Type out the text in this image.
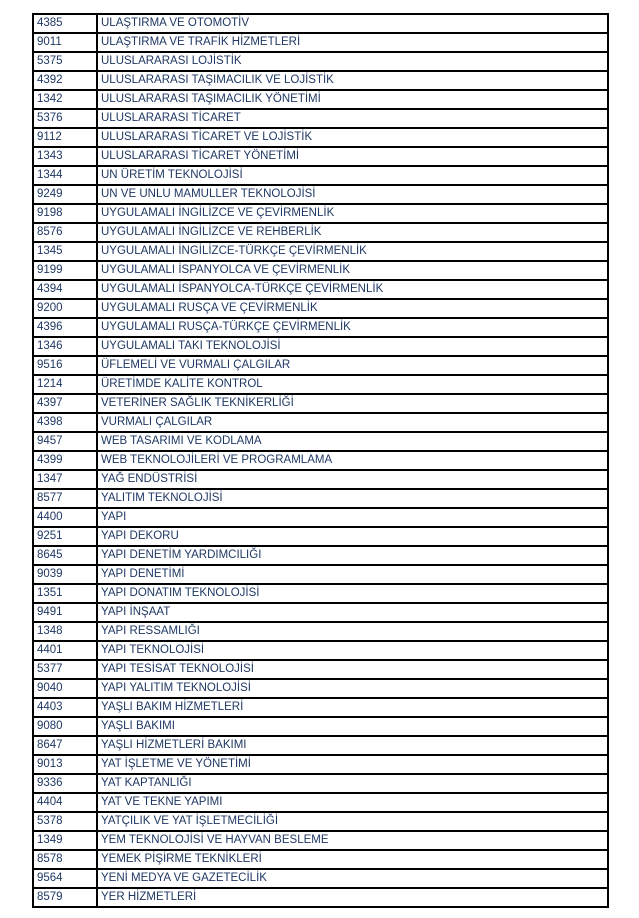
4385	ULAŞTIRMA VE OTOMOTİV
9011	ULAŞTIRMA VE TRAFİK HİZMETLERİ
5375	ULUSLARARASI LOJİSTİK
4392	ULUSLARARASI TAŞIMACILIK VE LOJİSTİK
1342	ULUSLARARASI TAŞIMACILIK YÖNETİMİ
5376	ULUSLARARASI TİCARET
9112	ULUSLARARASI TİCARET VE LOJİSTİK
1343	ULUSLARARASI TİCARET YÖNETİMİ
1344	UN ÜRETİM TEKNOLOJİSİ
9249	UN VE UNLU MAMULLER TEKNOLOJİSİ
9198	UYGULAMALI İNGİLİZCE VE ÇEVİRMENLİK
8576	UYGULAMALI İNGİLİZCE VE REHBERLİK
1345	UYGULAMALI İNGİLİZCE-TÜRKÇE ÇEVİRMENLİK
9199	UYGULAMALI İSPANYOLCA VE ÇEVİRMENLİK
4394	UYGULAMALI İSPANYOLCA-TÜRKÇE ÇEVİRMENLİK
9200	UYGULAMALI RUSÇA VE ÇEVİRMENLİK
4396	UYGULAMALI RUSÇA-TÜRKÇE ÇEVİRMENLİK
1346	UYGULAMALI TAKI TEKNOLOJİSİ
9516	ÜFLEMELİ VE VURMALI ÇALGILAR
1214	ÜRETİMDE KALİTE KONTROL
4397	VETERİNER SAĞLIK TEKNİKERLİĞİ
4398	VURMALI ÇALGILAR
9457	WEB TASARIMI VE KODLAMA
4399	WEB TEKNOLOJİLERİ VE PROGRAMLAMA
1347	YAĞ ENDÜSTRİSİ
8577	YALITIM TEKNOLOJİSİ
4400	YAPI
9251	YAPI DEKORU
8645	YAPI DENETİM YARDIMCILIĞI
9039	YAPI DENETİMİ
1351	YAPI DONATIM TEKNOLOJİSİ
9491	YAPI İNŞAAT
1348	YAPI RESSAMLIĞI
4401	YAPI TEKNOLOJİSİ
5377	YAPI TESİSAT TEKNOLOJİSİ
9040	YAPI YALITIM TEKNOLOJİSİ
4403	YAŞLI BAKIM HİZMETLERİ
9080	YAŞLI BAKIMI
8647	YAŞLI HİZMETLERİ BAKIMI
9013	YAT İŞLETME VE YÖNETİMİ
9336	YAT KAPTANLIĞI
4404	YAT VE TEKNE YAPIMI
5378	YATÇILIK VE YAT İŞLETMECİLİĞİ
1349	YEM TEKNOLOJİSİ VE HAYVAN BESLEME
8578	YEMEK PİŞİRME TEKNİKLERİ
9564	YENİ MEDYA VE GAZETECİLİK
8579	YER HİZMETLERİ
